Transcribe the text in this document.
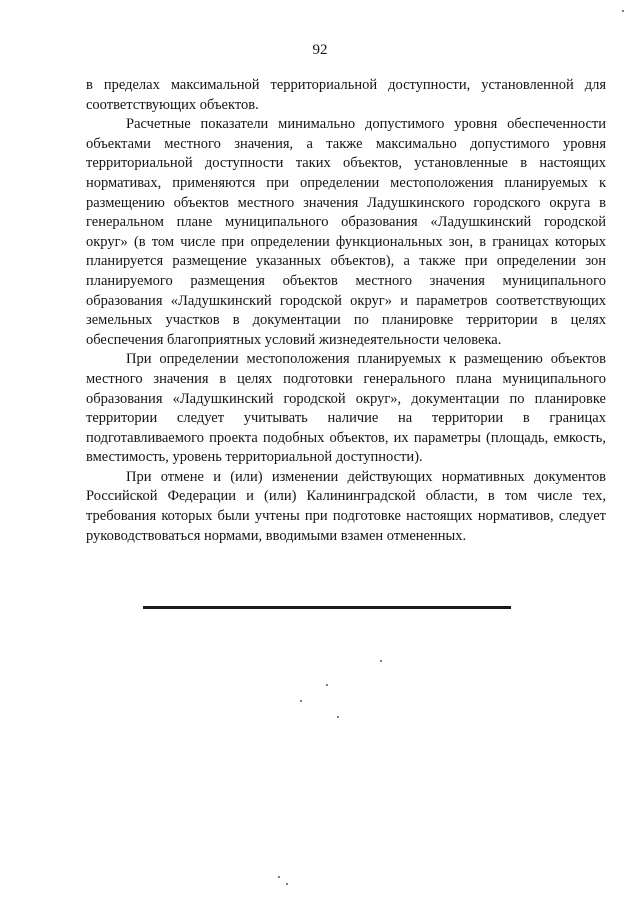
92

в пределах максимальной территориальной доступности, установленной для соответствующих объектов.

Расчетные показатели минимально допустимого уровня обеспеченности объектами местного значения, а также максимально допустимого уровня территориальной доступности таких объектов, установленные в настоящих нормативах, применяются при определении местоположения планируемых к размещению объектов местного значения Ладушкинского городского округа в генеральном плане муниципального образования «Ладушкинский городской округ» (в том числе при определении функциональных зон, в границах которых планируется размещение указанных объектов), а также при определении зон планируемого размещения объектов местного значения муниципального образования «Ладушкинский городской округ» и параметров соответствующих земельных участков в документации по планировке территории в целях обеспечения благоприятных условий жизнедеятельности человека.

При определении местоположения планируемых к размещению объектов местного значения в целях подготовки генерального плана муниципального образования «Ладушкинский городской округ», документации по планировке территории следует учитывать наличие на территории в границах подготавливаемого проекта подобных объектов, их параметры (площадь, емкость, вместимость, уровень территориальной доступности).

При отмене и (или) изменении действующих нормативных документов Российской Федерации и (или) Калининградской области, в том числе тех, требования которых были учтены при подготовке настоящих нормативов, следует руководствоваться нормами, вводимыми взамен отмененных.
